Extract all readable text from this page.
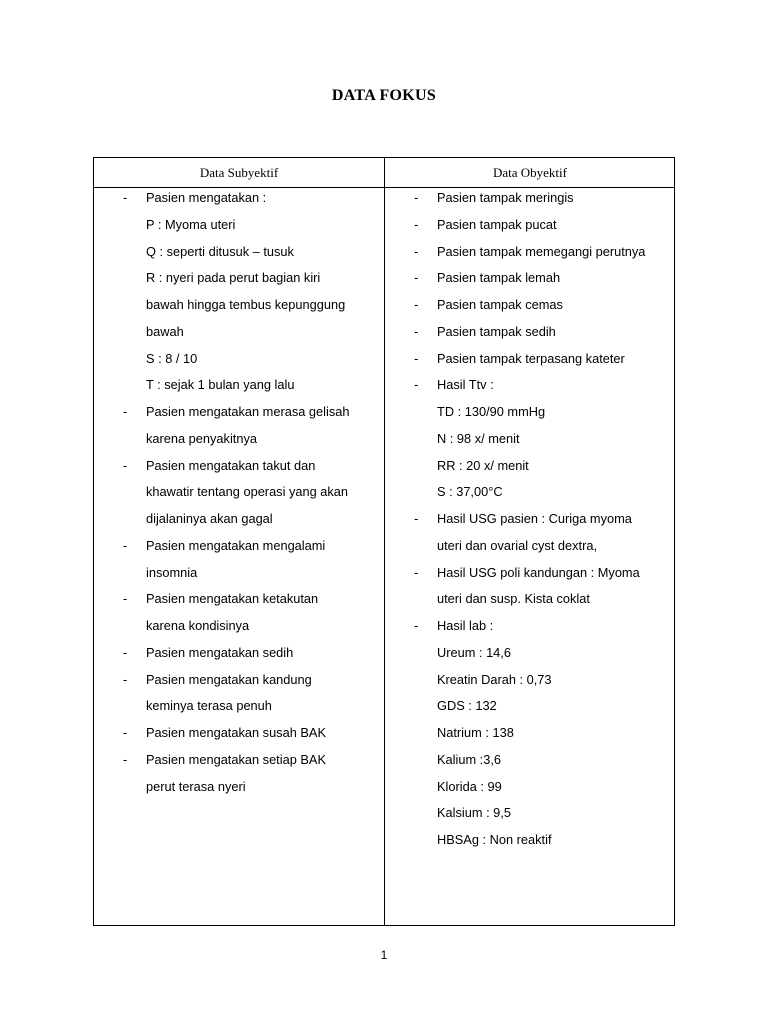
DATA FOKUS
Data Subyektif	Data Obyektif
- Pasien mengatakan :
P : Myoma uteri
Q : seperti ditusuk – tusuk
R : nyeri pada perut bagian kiri
bawah hingga tembus kepunggung
bawah
S : 8 / 10
T : sejak 1 bulan yang lalu
- Pasien mengatakan merasa gelisah
karena penyakitnya
- Pasien mengatakan takut dan
khawatir tentang operasi yang akan
dijalaninya akan gagal
- Pasien mengatakan mengalami
insomnia
- Pasien mengatakan ketakutan
karena kondisinya
- Pasien mengatakan sedih
- Pasien mengatakan kandung
keminya terasa penuh
- Pasien mengatakan susah BAK
- Pasien mengatakan setiap BAK
perut terasa nyeri
- Pasien tampak meringis
- Pasien tampak pucat
- Pasien tampak memegangi perutnya
- Pasien tampak lemah
- Pasien tampak cemas
- Pasien tampak sedih
- Pasien tampak terpasang kateter
- Hasil Ttv :
TD : 130/90 mmHg
N : 98 x/ menit
RR : 20 x/ menit
S : 37,00°C
- Hasil USG pasien : Curiga myoma
uteri dan ovarial cyst dextra,
- Hasil USG poli kandungan : Myoma
uteri dan susp. Kista coklat
- Hasil lab :
Ureum : 14,6
Kreatin Darah : 0,73
GDS : 132
Natrium : 138
Kalium :3,6
Klorida : 99
Kalsium : 9,5
HBSAg : Non reaktif
1
